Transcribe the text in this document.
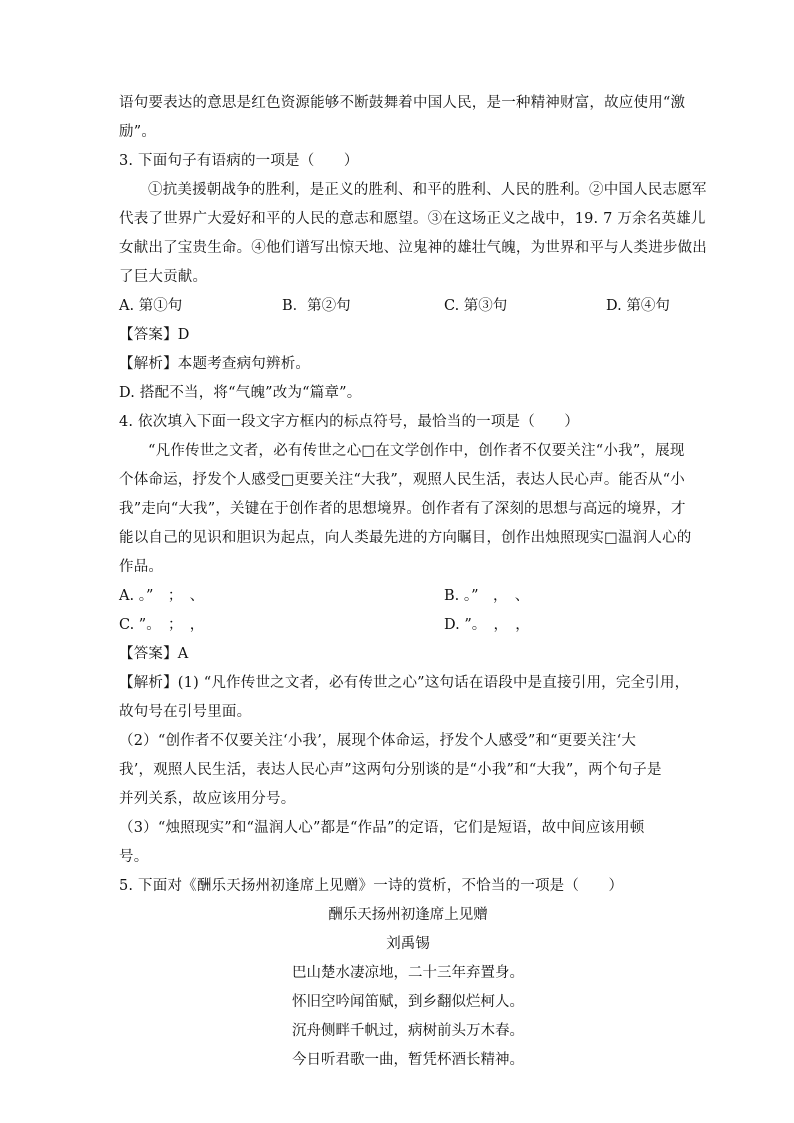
语句要表达的意思是红色资源能够不断鼓舞着中国人民，是一种精神财富，故应使用“激
励”。
3. 下面句子有语病的一项是（　　）
①抗美援朝战争的胜利，是正义的胜利、和平的胜利、人民的胜利。②中国人民志愿军
代表了世界广大爱好和平的人民的意志和愿望。③在这场正义之战中，19. 7 万余名英雄儿
女献出了宝贵生命。④他们谱写出惊天地、泣鬼神的雄壮气魄，为世界和平与人类进步做出
了巨大贡献。
A. 第①句	B．第②句	C. 第③句	D. 第④句
【答案】D
【解析】本题考查病句辨析。
D. 搭配不当，将“气魄”改为“篇章”。
4. 依次填入下面一段文字方框内的标点符号，最恰当的一项是（　　）
“凡作传世之文者，必有传世之心□在文学创作中，创作者不仅要关注“小我”，展现
个体命运，抒发个人感受□更要关注“大我”，观照人民生活，表达人民心声。能否从“小
我”走向“大我”，关键在于创作者的思想境界。创作者有了深刻的思想与高远的境界，才
能以自己的见识和胆识为起点，向人类最先进的方向瞩目，创作出烛照现实□温润人心的
作品。
A. 。”　；　、	B. 。”　，　、
C. ”。　；　，	D. ”。　，　，
【答案】A
【解析】(1) “凡作传世之文者，必有传世之心”这句话在语段中是直接引用，完全引用，
故句号在引号里面。
（2）“创作者不仅要关注‘小我’，展现个体命运，抒发个人感受”和“更要关注‘大
我’，观照人民生活，表达人民心声”这两句分别谈的是“小我”和“大我”，两个句子是
并列关系，故应该用分号。
（3）“烛照现实”和“温润人心”都是“作品”的定语，它们是短语，故中间应该用顿
号。
5. 下面对《酬乐天扬州初逢席上见赠》一诗的赏析，不恰当的一项是（　　）
酬乐天扬州初逢席上见赠
刘禹锡
巴山楚水凄凉地，二十三年弃置身。
怀旧空吟闻笛赋，到乡翻似烂柯人。
沉舟侧畔千帆过，病树前头万木春。
今日听君歌一曲，暂凭杯酒长精神。
